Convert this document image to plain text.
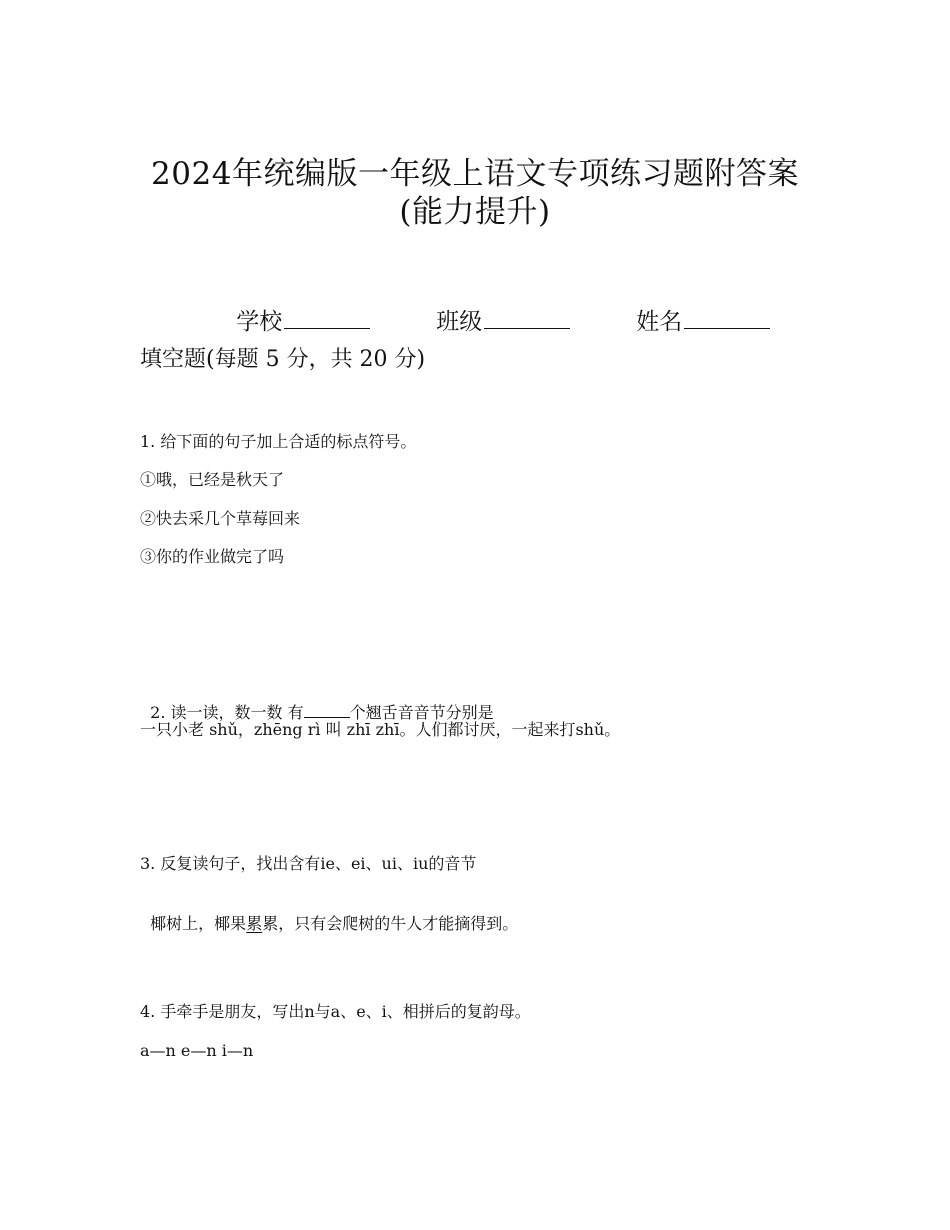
2024年统编版一年级上语文专项练习题附答案
(能力提升)

学校
	班级
	姓名

填空题(每题 5 分，共 20 分)
1. 给下面的句子加上合适的标点符号。
①哦，已经是秋天了
②快去采几个草莓回来
③你的作业做完了吗

2. 读一读，数一数 有	个翘舌音音节分别是

一只小老 shǔ，zhēng rì 叫 zhī zhī。人们都讨厌，一起来打shǔ。
3. 反复读句子，找出含有ie、ei、ui、iu的音节

椰树上，椰果累累，只有会爬树的牛人才能摘得到。

4. 手牵手是朋友，写出n与a、e、i、相拼后的复韵母。
a—n e—n i—n
